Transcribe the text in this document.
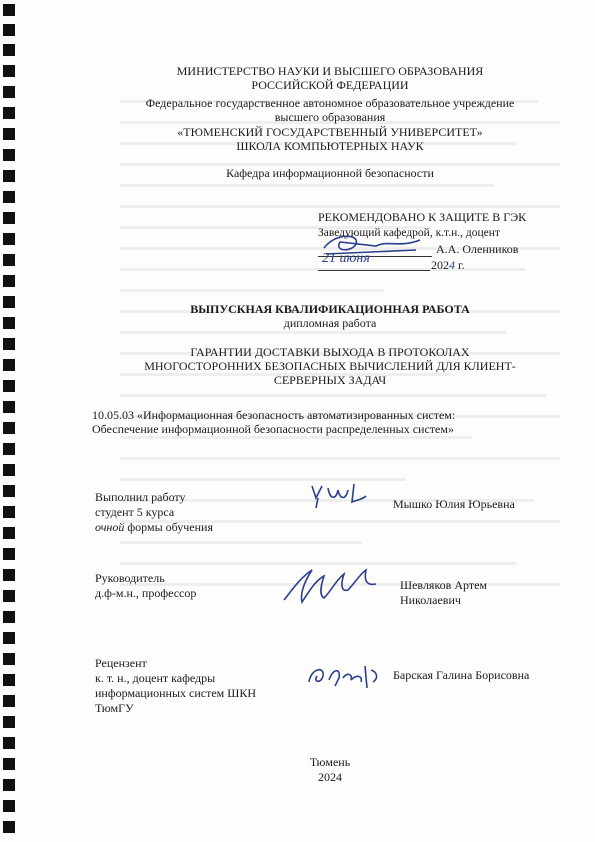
МИНИСТЕРСТВО НАУКИ И ВЫСШЕГО ОБРАЗОВАНИЯ
РОССИЙСКОЙ ФЕДЕРАЦИИ
Федеральное государственное автономное образовательное учреждение
высшего образования
«ТЮМЕНСКИЙ ГОСУДАРСТВЕННЫЙ УНИВЕРСИТЕТ»
ШКОЛА КОМПЬЮТЕРНЫХ НАУК
Кафедра информационной безопасности
РЕКОМЕНДОВАНО К ЗАЩИТЕ В ГЭК
Заведующий кафедрой, к.т.н., доцент
А.А. Оленников
21 июня	2024 г.
ВЫПУСКНАЯ КВАЛИФИКАЦИОННАЯ РАБОТА
дипломная работа
ГАРАНТИИ ДОСТАВКИ ВЫХОДА В ПРОТОКОЛАХ
МНОГОСТОРОННИХ БЕЗОПАСНЫХ ВЫЧИСЛЕНИЙ ДЛЯ КЛИЕНТ-
СЕРВЕРНЫХ ЗАДАЧ
10.05.03 «Информационная безопасность автоматизированных систем:
Обеспечение информационной безопасности распределенных систем»
Выполнил работу
студент 5 курса
очной формы обучения
Мышко Юлия Юрьевна
Руководитель
д.ф-м.н., профессор
Шевляков Артем
Николаевич
Рецензент
к. т. н., доцент кафедры
информационных систем ШКН
ТюмГУ
Барская Галина Борисовна
Тюмень
2024
